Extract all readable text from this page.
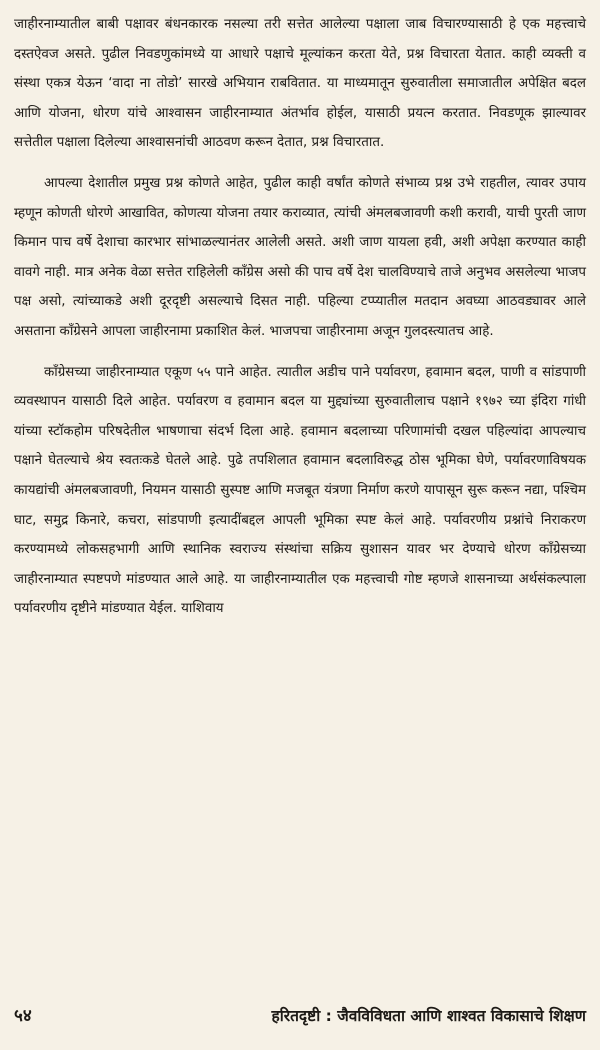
जाहीरनाम्यातील बाबी पक्षावर बंधनकारक नसल्या तरी सत्तेत आलेल्या पक्षाला जाब विचारण्यासाठी हे एक महत्त्वाचे दस्तऐवज असते. पुढील निवडणुकांमध्ये या आधारे पक्षाचे मूल्यांकन करता येते, प्रश्न विचारता येतात. काही व्यक्ती व संस्था एकत्र येऊन ‘वादा ना तोडो’ सारखे अभियान राबवितात. या माध्यमातून सुरुवातीला समाजातील अपेक्षित बदल आणि योजना, धोरण यांचे आश्वासन जाहीरनाम्यात अंतर्भाव होईल, यासाठी प्रयत्न करतात. निवडणूक झाल्यावर सत्तेतील पक्षाला दिलेल्या आश्वासनांची आठवण करून देतात, प्रश्न विचारतात.

आपल्या देशातील प्रमुख प्रश्न कोणते आहेत, पुढील काही वर्षांत कोणते संभाव्य प्रश्न उभे राहतील, त्यावर उपाय म्हणून कोणती धोरणे आखावित, कोणत्या योजना तयार कराव्यात, त्यांची अंमलबजावणी कशी करावी, याची पुरती जाण किमान पाच वर्षे देशाचा कारभार सांभाळल्यानंतर आलेली असते. अशी जाण यायला हवी, अशी अपेक्षा करण्यात काही वावगे नाही. मात्र अनेक वेळा सत्तेत राहिलेली काँग्रेस असो की पाच वर्षे देश चालविण्याचे ताजे अनुभव असलेल्या भाजप पक्ष असो, त्यांच्याकडे अशी दूरदृष्टी असल्याचे दिसत नाही. पहिल्या टप्प्यातील मतदान अवघ्या आठवड्यावर आले असताना काँग्रेसने आपला जाहीरनामा प्रकाशित केलं. भाजपचा जाहीरनामा अजून गुलदस्त्यातच आहे.

काँग्रेसच्या जाहीरनाम्यात एकूण ५५ पाने आहेत. त्यातील अडीच पाने पर्यावरण, हवामान बदल, पाणी व सांडपाणी व्यवस्थापन यासाठी दिले आहेत. पर्यावरण व हवामान बदल या मुद्द्यांच्या सुरुवातीलाच पक्षाने १९७२ च्या इंदिरा गांधी यांच्या स्टॉकहोम परिषदेतील भाषणाचा संदर्भ दिला आहे. हवामान बदलाच्या परिणामांची दखल पहिल्यांदा आपल्याच पक्षाने घेतल्याचे श्रेय स्वतःकडे घेतले आहे. पुढे तपशिलात हवामान बदलाविरुद्ध ठोस भूमिका घेणे, पर्यावरणाविषयक कायद्यांची अंमलबजावणी, नियमन यासाठी सुस्पष्ट आणि मजबूत यंत्रणा निर्माण करणे यापासून सुरू करून नद्या, पश्चिम घाट, समुद्र किनारे, कचरा, सांडपाणी इत्यादींबद्दल आपली भूमिका स्पष्ट केलं आहे. पर्यावरणीय प्रश्नांचे निराकरण करण्यामध्ये लोकसहभागी आणि स्थानिक स्वराज्य संस्थांचा सक्रिय सुशासन यावर भर देण्याचे धोरण काँग्रेसच्या जाहीरनाम्यात स्पष्टपणे मांडण्यात आले आहे. या जाहीरनाम्यातील एक महत्त्वाची गोष्ट म्हणजे शासनाच्या अर्थसंकल्पाला पर्यावरणीय दृष्टीने मांडण्यात येईल. याशिवाय

५४	हरितदृष्टी : जैवविविधता आणि शाश्वत विकासाचे शिक्षण
